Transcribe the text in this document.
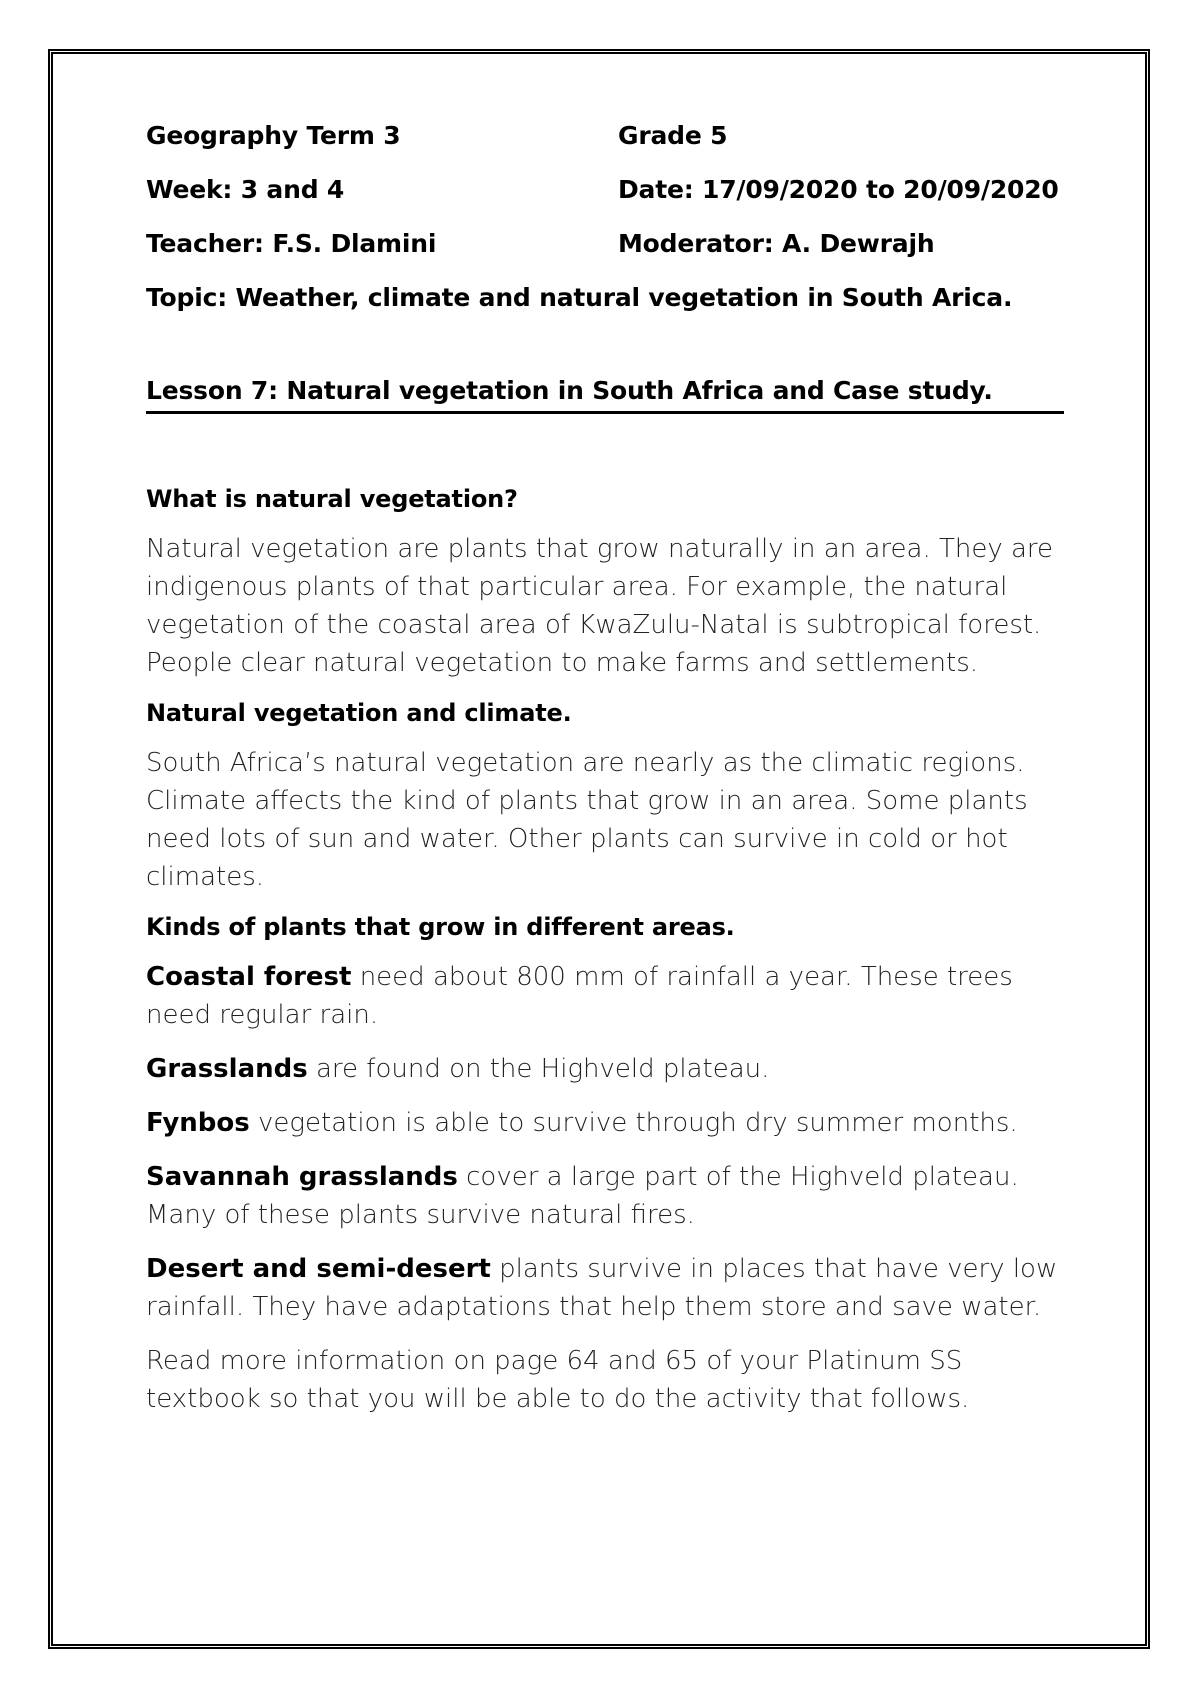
Geography Term 3	Grade 5
Week: 3 and 4	Date: 17/09/2020 to 20/09/2020
Teacher: F.S. Dlamini	Moderator: A. Dewrajh
Topic: Weather, climate and natural vegetation in South Arica.
Lesson 7: Natural vegetation in South Africa and Case study.
What is natural vegetation?
Natural vegetation are plants that grow naturally in an area. They are indigenous plants of that particular area. For example, the natural vegetation of the coastal area of KwaZulu-Natal is subtropical forest. People clear natural vegetation to make farms and settlements.
Natural vegetation and climate.
South Africa’s natural vegetation are nearly as the climatic regions. Climate affects the kind of plants that grow in an area. Some plants need lots of sun and water. Other plants can survive in cold or hot climates.
Kinds of plants that grow in different areas.
Coastal forest need about 800 mm of rainfall a year. These trees need regular rain.
Grasslands are found on the Highveld plateau.
Fynbos vegetation is able to survive through dry summer months.
Savannah grasslands cover a large part of the Highveld plateau. Many of these plants survive natural fires.
Desert and semi-desert plants survive in places that have very low rainfall. They have adaptations that help them store and save water.
Read more information on page 64 and 65 of your Platinum SS textbook so that you will be able to do the activity that follows.
